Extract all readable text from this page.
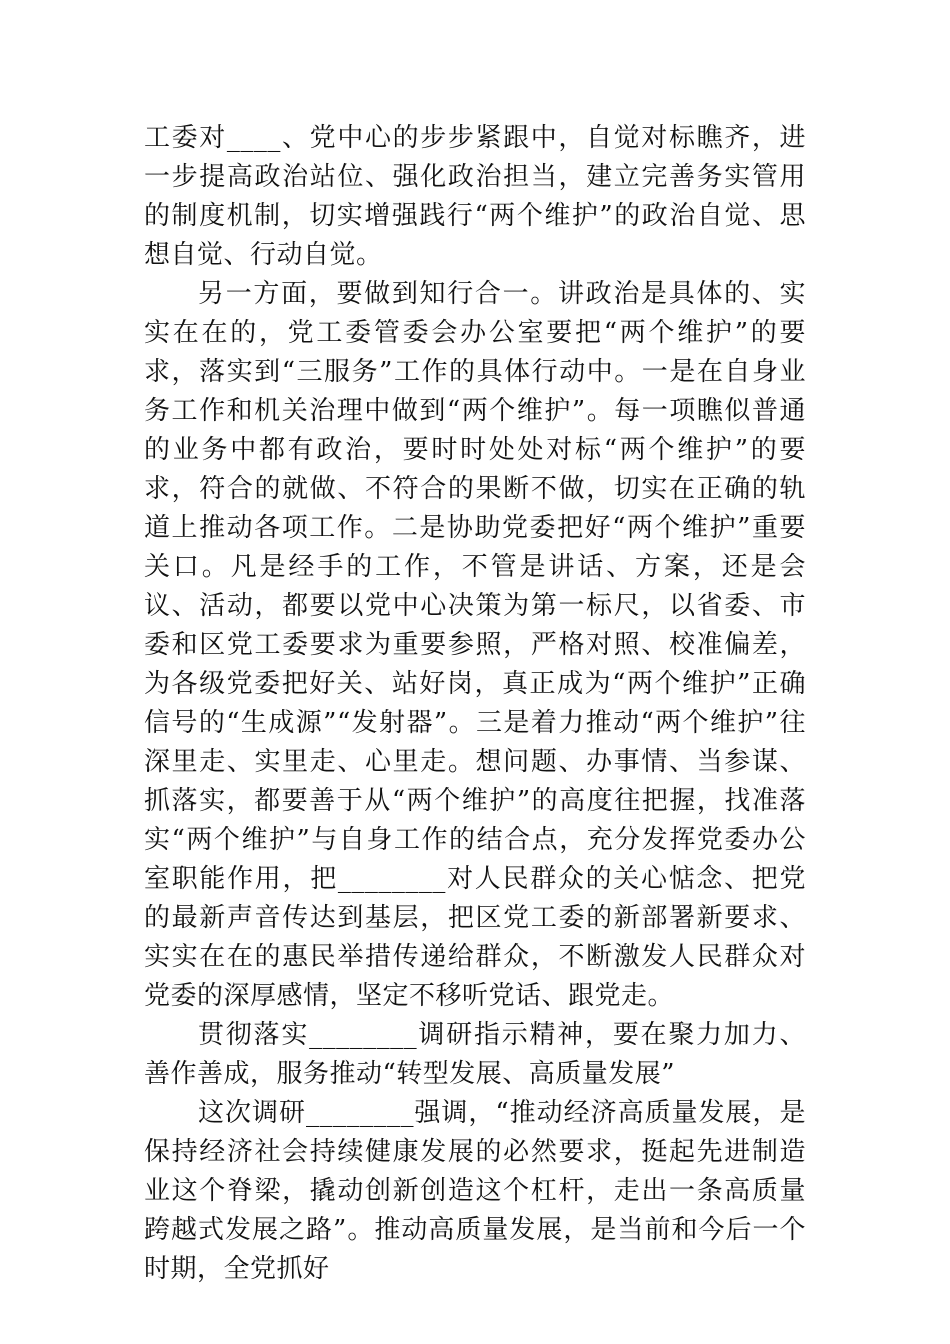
工委对____、党中心的步步紧跟中，自觉对标瞧齐，进一步提高政治站位、强化政治担当，建立完善务实管用的制度机制，切实增强践行“两个维护”的政治自觉、思想自觉、行动自觉。

另一方面，要做到知行合一。讲政治是具体的、实实在在的，党工委管委会办公室要把“两个维护”的要求，落实到“三服务”工作的具体行动中。一是在自身业务工作和机关治理中做到“两个维护”。每一项瞧似普通的业务中都有政治，要时时处处对标“两个维护”的要求，符合的就做、不符合的果断不做，切实在正确的轨道上推动各项工作。二是协助党委把好“两个维护”重要关口。凡是经手的工作，不管是讲话、方案，还是会议、活动，都要以党中心决策为第一标尺，以省委、市委和区党工委要求为重要参照，严格对照、校准偏差，为各级党委把好关、站好岗，真正成为“两个维护”正确信号的“生成源”“发射器”。三是着力推动“两个维护”往深里走、实里走、心里走。想问题、办事情、当参谋、抓落实，都要善于从“两个维护”的高度往把握，找准落实“两个维护”与自身工作的结合点，充分发挥党委办公室职能作用，把________对人民群众的关心惦念、把党的最新声音传达到基层，把区党工委的新部署新要求、实实在在的惠民举措传递给群众，不断激发人民群众对党委的深厚感情，坚定不移听党话、跟党走。

贯彻落实________调研指示精神，要在聚力加力、善作善成，服务推动“转型发展、高质量发展”

这次调研________强调，“推动经济高质量发展，是保持经济社会持续健康发展的必然要求，挺起先进制造业这个脊梁，撬动创新创造这个杠杆，走出一条高质量跨越式发展之路”。推动高质量发展，是当前和今后一个时期，全党抓好
